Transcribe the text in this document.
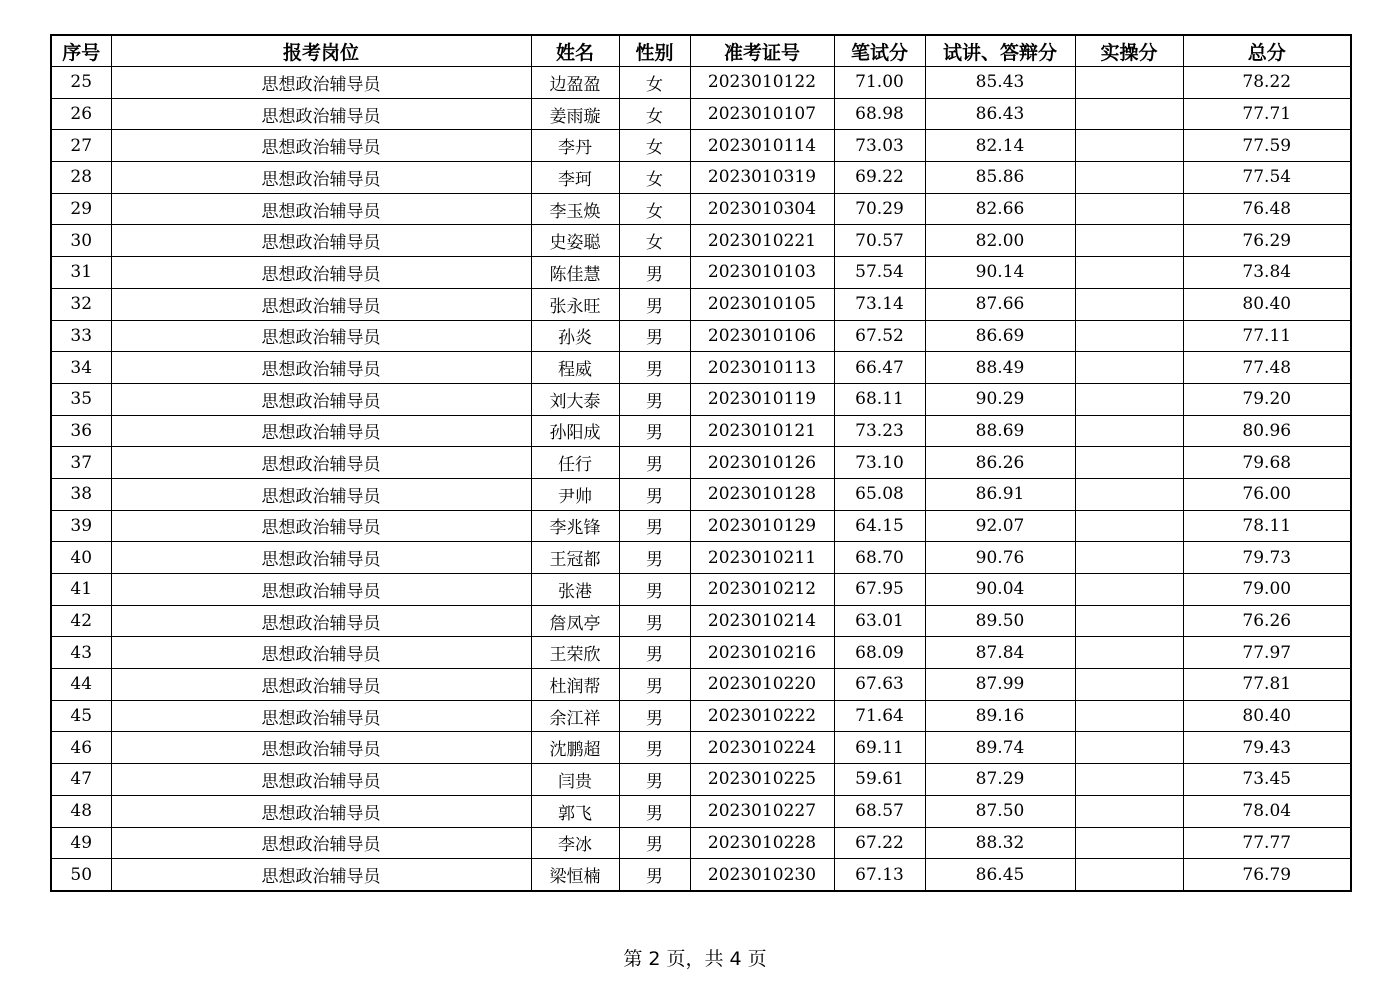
序号	报考岗位	姓名	性别	准考证号	笔试分	试讲、答辩分	实操分	总分
25	思想政治辅导员	边盈盈	女	2023010122	71.00	85.43		78.22
26	思想政治辅导员	姜雨璇	女	2023010107	68.98	86.43		77.71
27	思想政治辅导员	李丹	女	2023010114	73.03	82.14		77.59
28	思想政治辅导员	李珂	女	2023010319	69.22	85.86		77.54
29	思想政治辅导员	李玉焕	女	2023010304	70.29	82.66		76.48
30	思想政治辅导员	史姿聪	女	2023010221	70.57	82.00		76.29
31	思想政治辅导员	陈佳慧	男	2023010103	57.54	90.14		73.84
32	思想政治辅导员	张永旺	男	2023010105	73.14	87.66		80.40
33	思想政治辅导员	孙炎	男	2023010106	67.52	86.69		77.11
34	思想政治辅导员	程威	男	2023010113	66.47	88.49		77.48
35	思想政治辅导员	刘大泰	男	2023010119	68.11	90.29		79.20
36	思想政治辅导员	孙阳成	男	2023010121	73.23	88.69		80.96
37	思想政治辅导员	任行	男	2023010126	73.10	86.26		79.68
38	思想政治辅导员	尹帅	男	2023010128	65.08	86.91		76.00
39	思想政治辅导员	李兆锋	男	2023010129	64.15	92.07		78.11
40	思想政治辅导员	王冠都	男	2023010211	68.70	90.76		79.73
41	思想政治辅导员	张港	男	2023010212	67.95	90.04		79.00
42	思想政治辅导员	詹凤亭	男	2023010214	63.01	89.50		76.26
43	思想政治辅导员	王荣欣	男	2023010216	68.09	87.84		77.97
44	思想政治辅导员	杜润帮	男	2023010220	67.63	87.99		77.81
45	思想政治辅导员	余江祥	男	2023010222	71.64	89.16		80.40
46	思想政治辅导员	沈鹏超	男	2023010224	69.11	89.74		79.43
47	思想政治辅导员	闫贵	男	2023010225	59.61	87.29		73.45
48	思想政治辅导员	郭飞	男	2023010227	68.57	87.50		78.04
49	思想政治辅导员	李冰	男	2023010228	67.22	88.32		77.77
50	思想政治辅导员	梁恒楠	男	2023010230	67.13	86.45		76.79
第 2 页，共 4 页
